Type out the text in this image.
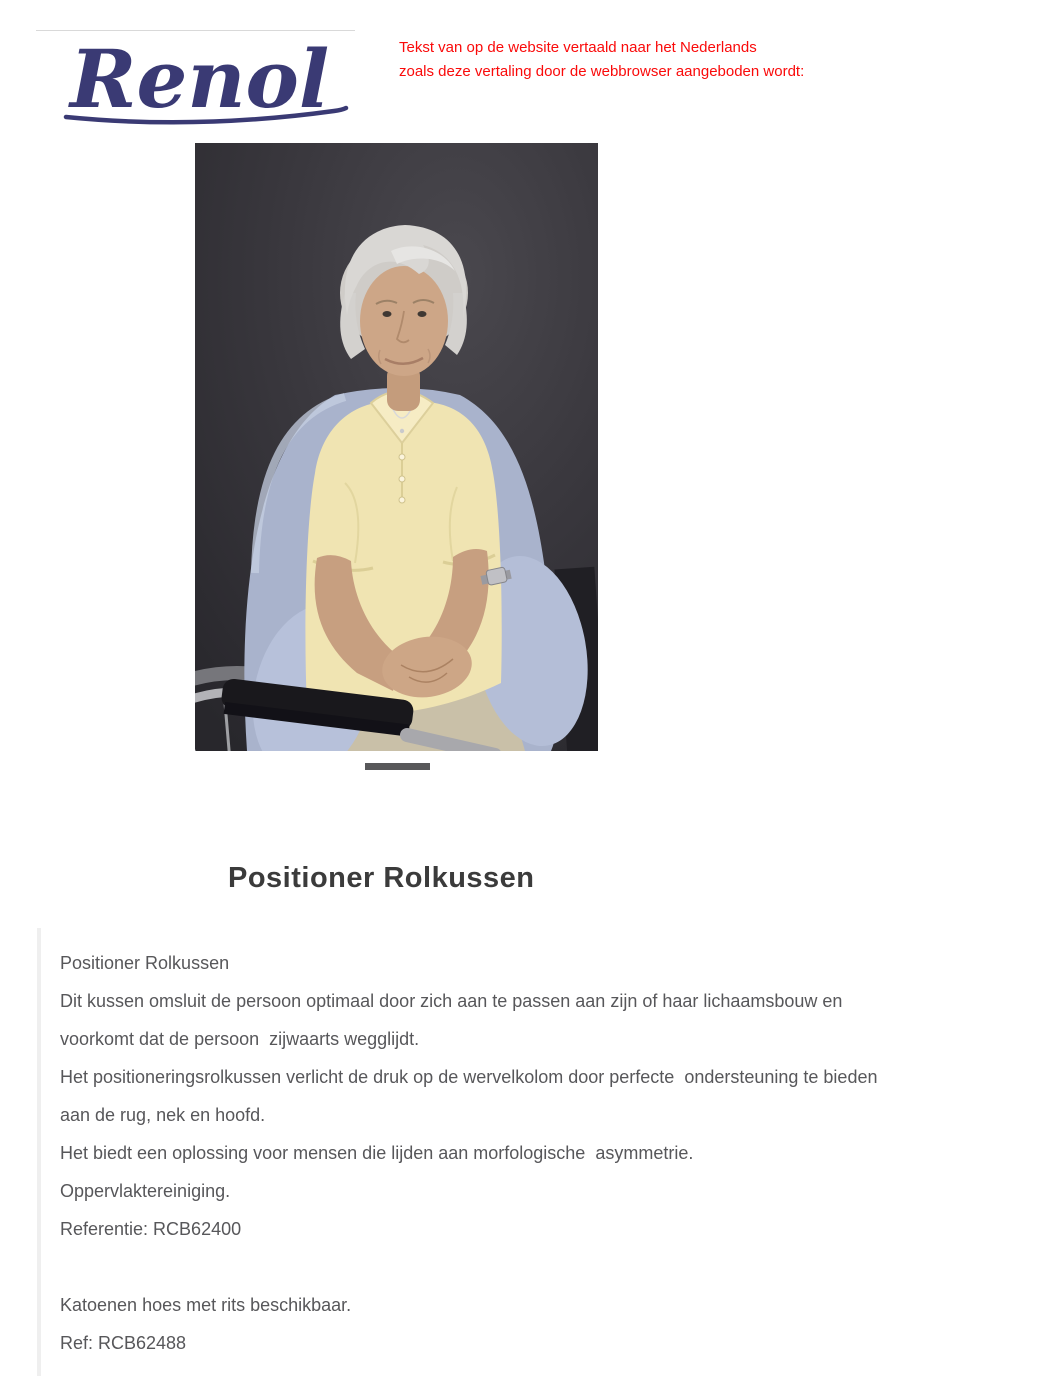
Renol	Tekst van op de website vertaald naar het Nederlands
zoals deze vertaling door de webbrowser aangeboden wordt:
Positioner Rolkussen
Positioner Rolkussen
Dit kussen omsluit de persoon optimaal door zich aan te passen aan zijn of haar lichaamsbouw en
voorkomt dat de persoon  zijwaarts wegglijdt.
Het positioneringsrolkussen verlicht de druk op de wervelkolom door perfecte  ondersteuning te bieden
aan de rug, nek en hoofd.
Het biedt een oplossing voor mensen die lijden aan morfologische  asymmetrie.
Oppervlaktereiniging.
Referentie: RCB62400
Katoenen hoes met rits beschikbaar.
Ref: RCB62488
